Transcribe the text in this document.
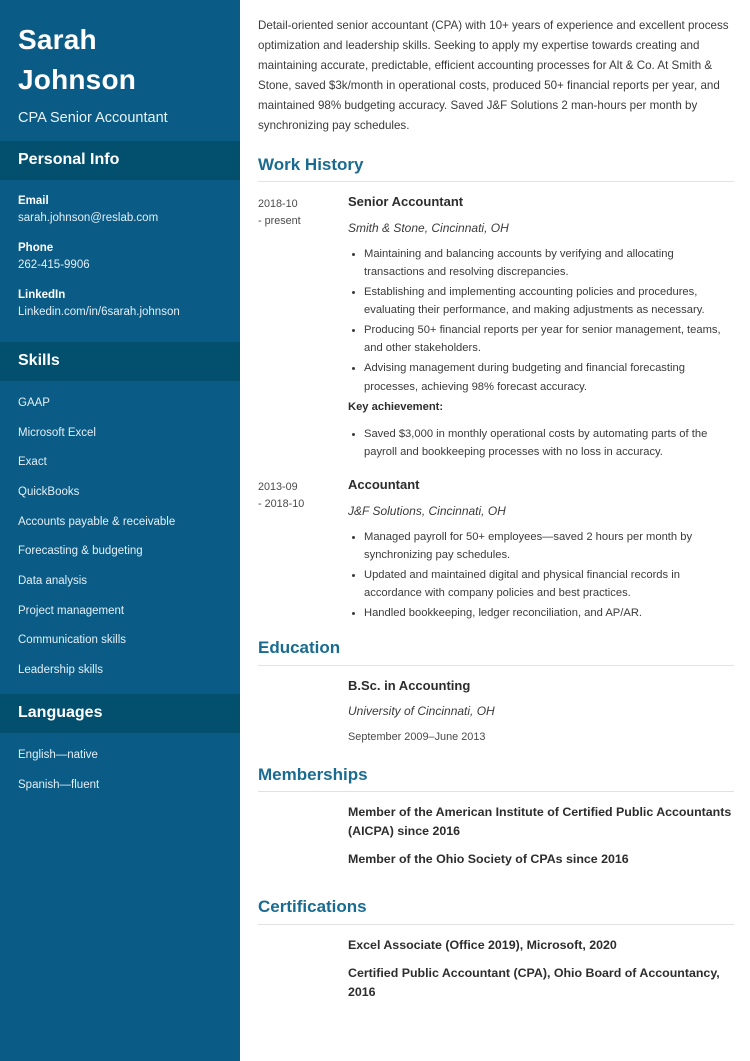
Sarah
Johnson
CPA Senior Accountant
Personal Info
Email
sarah.johnson@reslab.com
Phone
262-415-9906
LinkedIn
Linkedin.com/in/6sarah.johnson
Skills
GAAP
Microsoft Excel
Exact
QuickBooks
Accounts payable & receivable
Forecasting & budgeting
Data analysis
Project management
Communication skills
Leadership skills
Languages
English—native
Spanish—fluent

Detail-oriented senior accountant (CPA) with 10+ years of experience and excellent process optimization and leadership skills. Seeking to apply my expertise towards creating and maintaining accurate, predictable, efficient accounting processes for Alt & Co. At Smith & Stone, saved $3k/month in operational costs, produced 50+ financial reports per year, and maintained 98% budgeting accuracy. Saved J&F Solutions 2 man-hours per month by synchronizing pay schedules.

Work History
2018-10
- present
Senior Accountant
Smith & Stone, Cincinnati, OH
• Maintaining and balancing accounts by verifying and allocating transactions and resolving discrepancies.
• Establishing and implementing accounting policies and procedures, evaluating their performance, and making adjustments as necessary.
• Producing 50+ financial reports per year for senior management, teams, and other stakeholders.
• Advising management during budgeting and financial forecasting processes, achieving 98% forecast accuracy.
Key achievement:
• Saved $3,000 in monthly operational costs by automating parts of the payroll and bookkeeping processes with no loss in accuracy.
2013-09
- 2018-10
Accountant
J&F Solutions, Cincinnati, OH
• Managed payroll for 50+ employees—saved 2 hours per month by synchronizing pay schedules.
• Updated and maintained digital and physical financial records in accordance with company policies and best practices.
• Handled bookkeeping, ledger reconciliation, and AP/AR.
Education
B.Sc. in Accounting
University of Cincinnati, OH
September 2009–June 2013
Memberships
Member of the American Institute of Certified Public Accountants (AICPA) since 2016
Member of the Ohio Society of CPAs since 2016
Certifications
Excel Associate (Office 2019), Microsoft, 2020
Certified Public Accountant (CPA), Ohio Board of Accountancy, 2016
